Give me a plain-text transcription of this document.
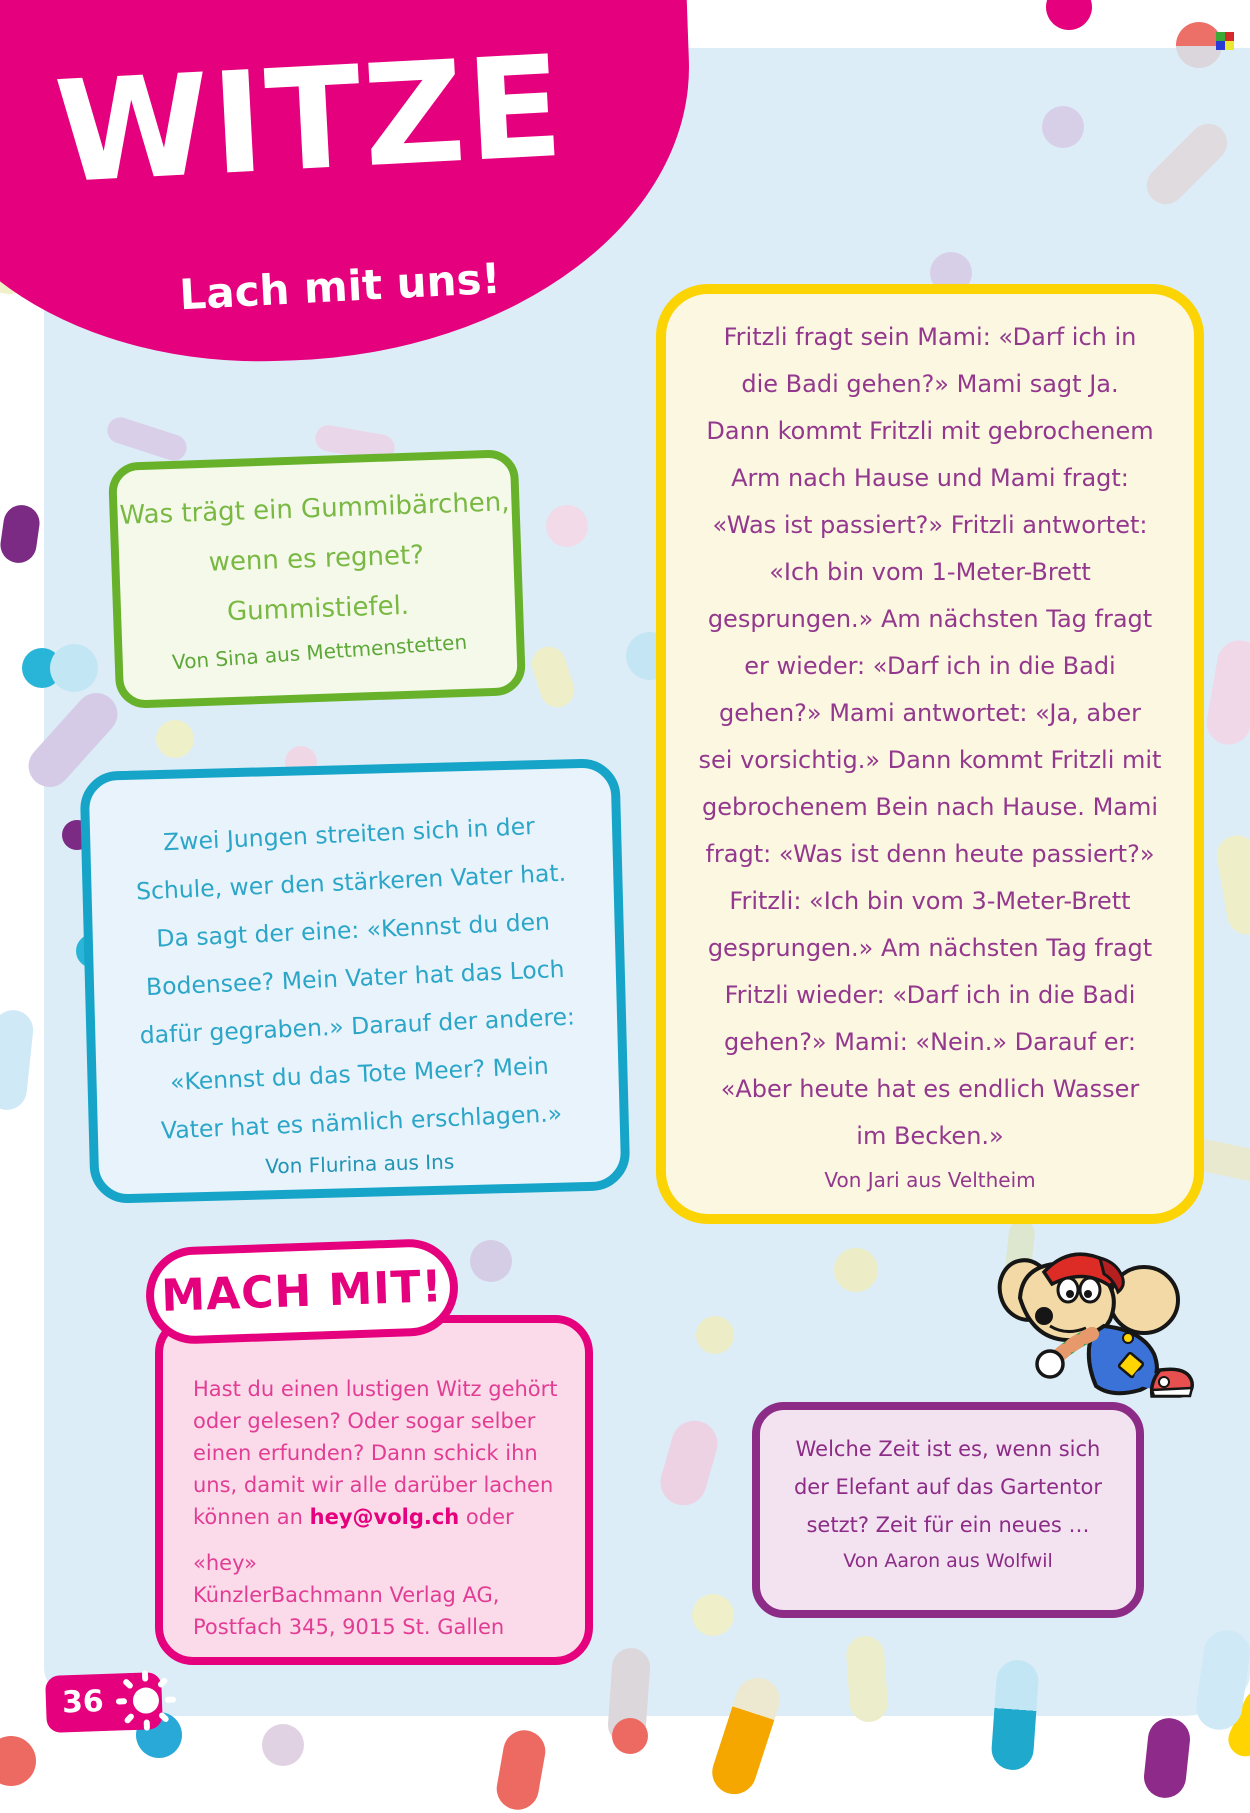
WITZE
Lach mit uns!
Was trägt ein Gummibärchen,
wenn es regnet?
Gummistiefel.
Von Sina aus Mettmenstetten
Zwei Jungen streiten sich in der
Schule, wer den stärkeren Vater hat.
Da sagt der eine: «Kennst du den
Bodensee? Mein Vater hat das Loch
dafür gegraben.» Darauf der andere:
«Kennst du das Tote Meer? Mein
Vater hat es nämlich erschlagen.»
Von Flurina aus Ins
Fritzli fragt sein Mami: «Darf ich in
die Badi gehen?» Mami sagt Ja.
Dann kommt Fritzli mit gebrochenem
Arm nach Hause und Mami fragt:
«Was ist passiert?» Fritzli antwortet:
«Ich bin vom 1-Meter-Brett
gesprungen.» Am nächsten Tag fragt
er wieder: «Darf ich in die Badi
gehen?» Mami antwortet: «Ja, aber
sei vorsichtig.» Dann kommt Fritzli mit
gebrochenem Bein nach Hause. Mami
fragt: «Was ist denn heute passiert?»
Fritzli: «Ich bin vom 3-Meter-Brett
gesprungen.» Am nächsten Tag fragt
Fritzli wieder: «Darf ich in die Badi
gehen?» Mami: «Nein.» Darauf er:
«Aber heute hat es endlich Wasser
im Becken.»
Von Jari aus Veltheim
Welche Zeit ist es, wenn sich
der Elefant auf das Gartentor
setzt? Zeit für ein neues …
Von Aaron aus Wolfwil
MACH MIT!

Hast du einen lustigen Witz gehört oder gelesen? Oder sogar selber einen erfunden? Dann schick ihn uns, damit wir alle darüber lachen können an hey@volg.ch oder

«hey»
KünzlerBachmann Verlag AG,
Postfach 345, 9015 St. Gallen
36
